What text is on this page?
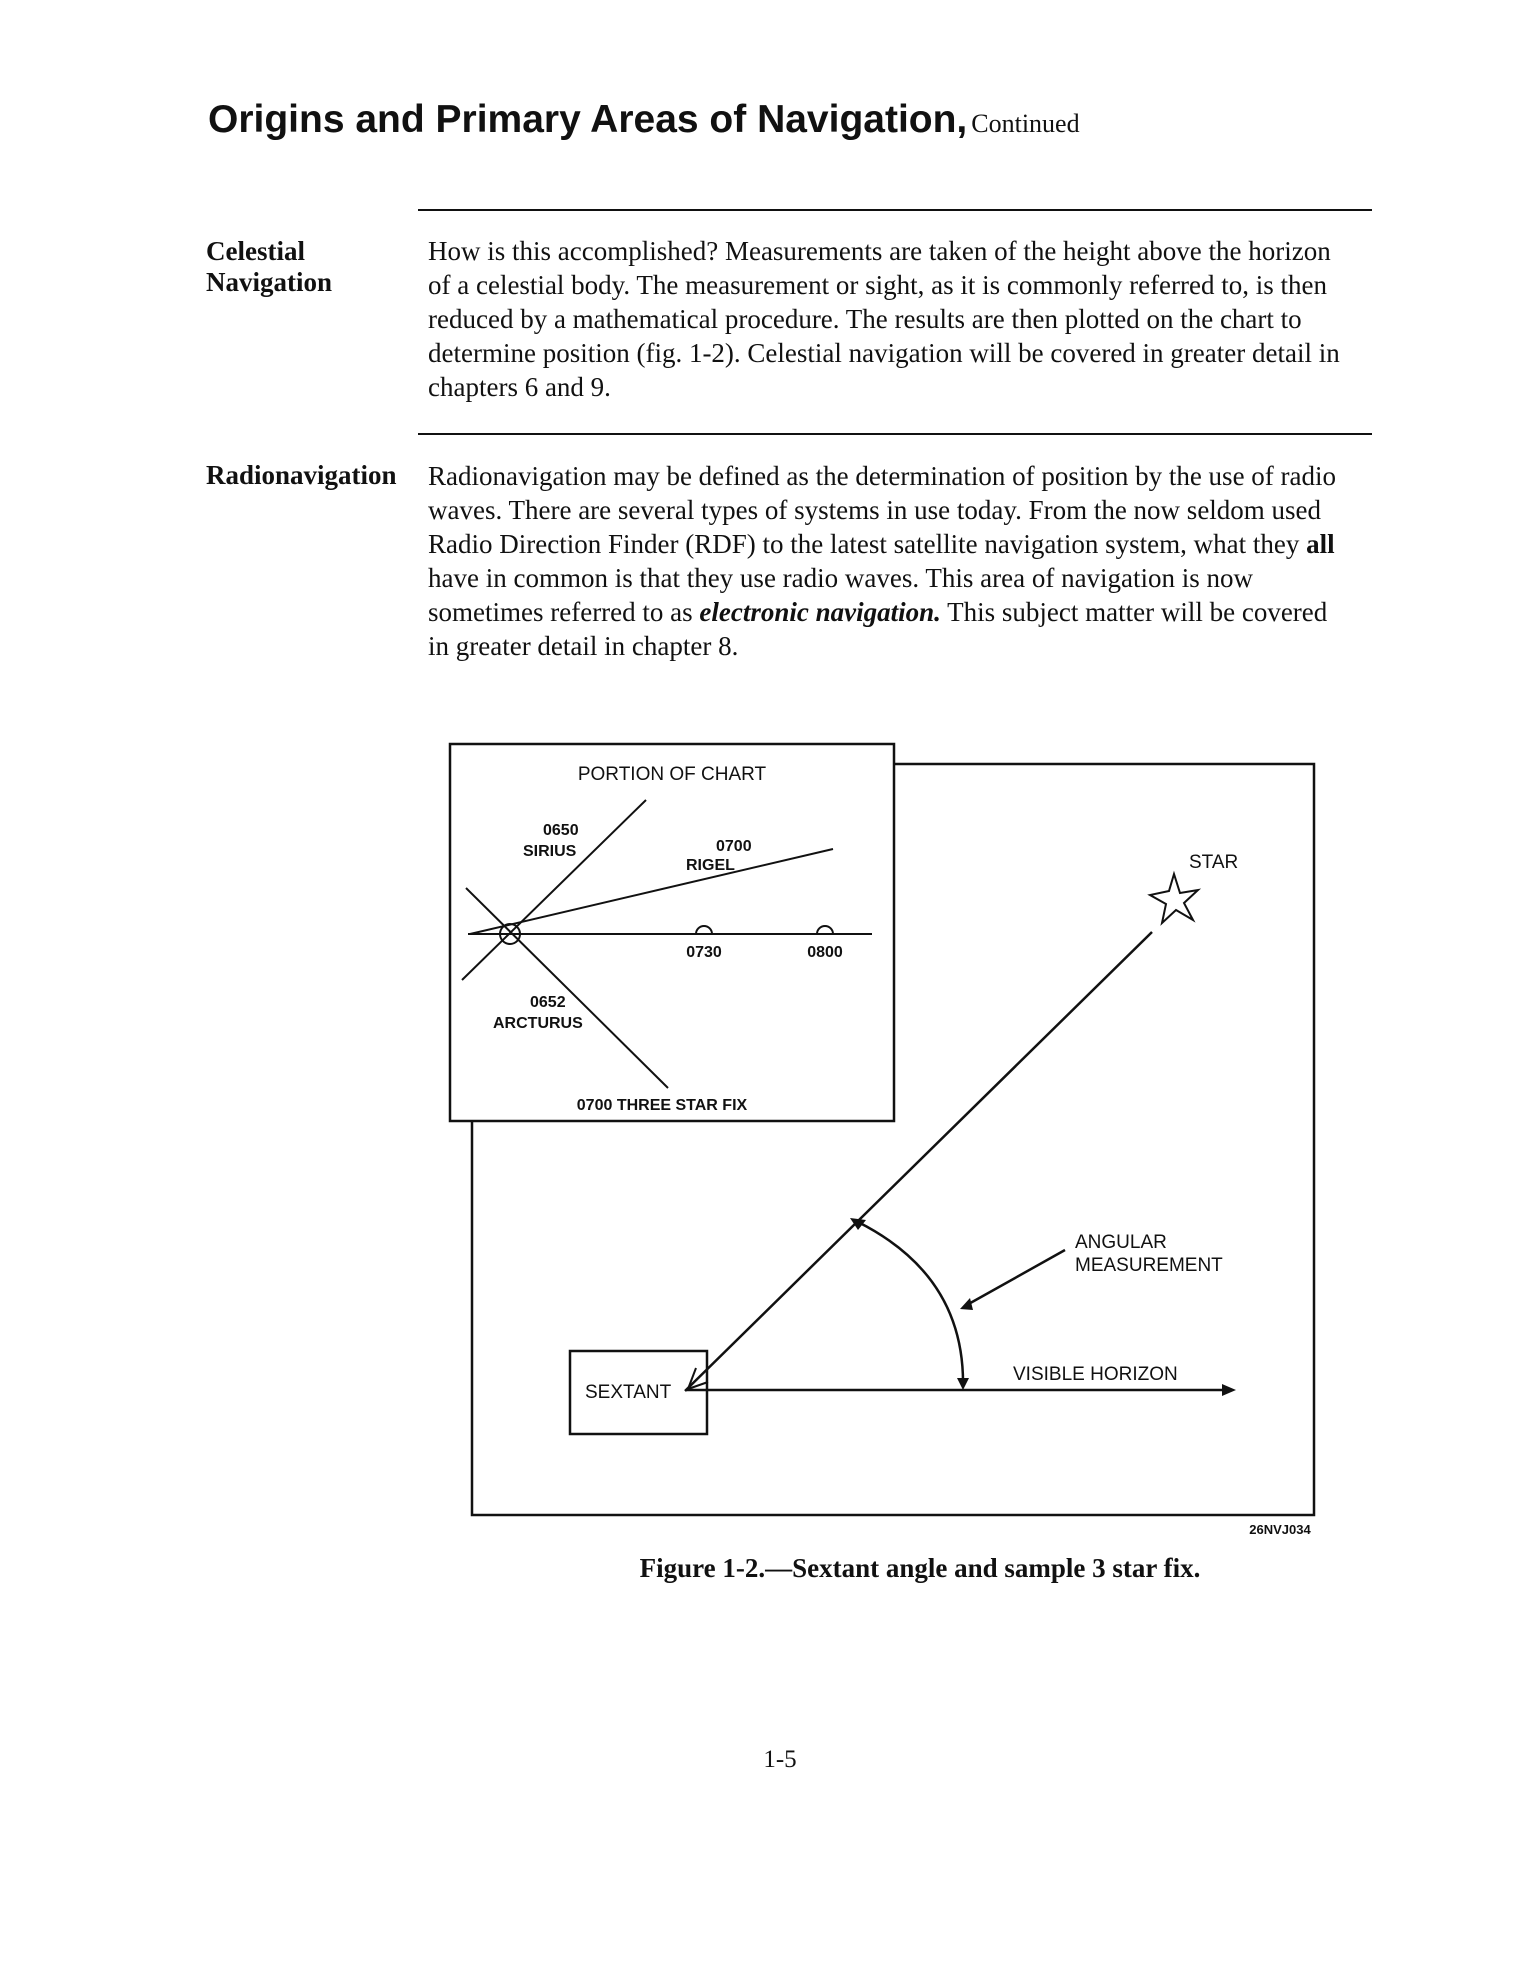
Origins and Primary Areas of Navigation, Continued
Celestial
Navigation

How is this accomplished? Measurements are taken of the height above the horizon of a celestial body. The measurement or sight, as it is commonly referred to, is then reduced by a mathematical procedure. The results are then plotted on the chart to determine position (fig. 1-2). Celestial navigation will be covered in greater detail in chapters 6 and 9.

Radionavigation Radionavigation may be defined as the determination of position by the use of radio waves. There are several types of systems in use today. From the now seldom used Radio Direction Finder (RDF) to the latest satellite navigation system, what they all have in common is that they use radio waves. This area of navigation is now sometimes referred to as electronic navigation. This subject matter will be covered in greater detail in chapter 8.

PORTION OF CHART
0650
SIRIUS	0700
RIGEL
0730	0800
0652
ARCTURUS
0700 THREE STAR FIX
STAR
SEXTANT
VISIBLE HORIZON
ANGULAR
MEASUREMENT
26NVJ034
Figure 1-2.—Sextant angle and sample 3 star fix.
1-5
